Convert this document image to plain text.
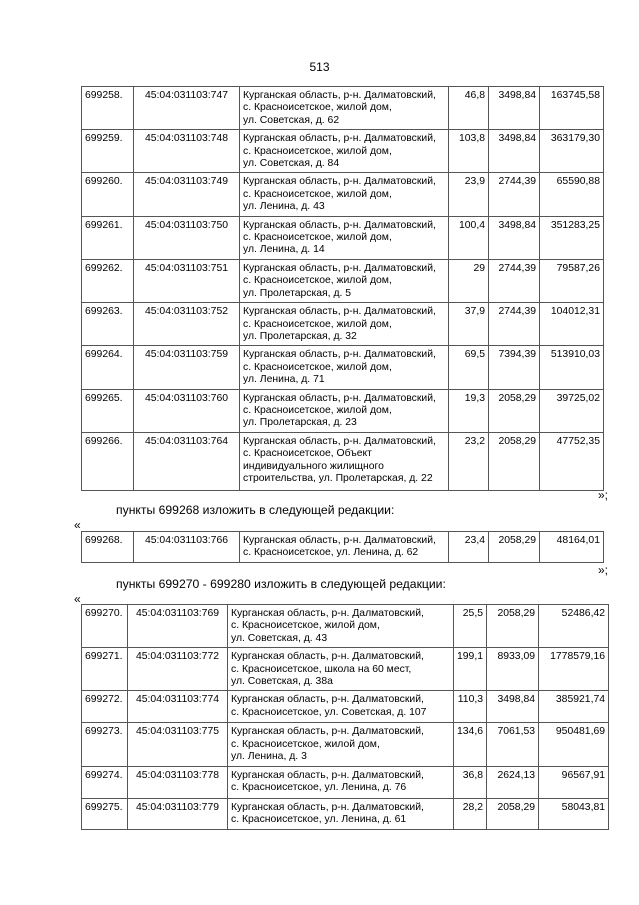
513
699258.	45:04:031103:747	Курганская область, р-н. Далматовский,
с. Красноисетское, жилой дом,
ул. Советская, д. 62	46,8	3498,84	163745,58
699259.	45:04:031103:748	Курганская область, р-н. Далматовский,
с. Красноисетское, жилой дом,
ул. Советская, д. 84	103,8	3498,84	363179,30
699260.	45:04:031103:749	Курганская область, р-н. Далматовский,
с. Красноисетское, жилой дом,
ул. Ленина, д. 43	23,9	2744,39	65590,88
699261.	45:04:031103:750	Курганская область, р-н. Далматовский,
с. Красноисетское, жилой дом,
ул. Ленина, д. 14	100,4	3498,84	351283,25
699262.	45:04:031103:751	Курганская область, р-н. Далматовский,
с. Красноисетское, жилой дом,
ул. Пролетарская, д. 5	29	2744,39	79587,26
699263.	45:04:031103:752	Курганская область, р-н. Далматовский,
с. Красноисетское, жилой дом,
ул. Пролетарская, д. 32	37,9	2744,39	104012,31
699264.	45:04:031103:759	Курганская область, р-н. Далматовский,
с. Красноисетское, жилой дом,
ул. Ленина, д. 71	69,5	7394,39	513910,03
699265.	45:04:031103:760	Курганская область, р-н. Далматовский,
с. Красноисетское, жилой дом,
ул. Пролетарская, д. 23	19,3	2058,29	39725,02
699266.	45:04:031103:764	Курганская область, р-н. Далматовский,
с. Красноисетское, Объект
индивидуального жилищного
строительства, ул. Пролетарская, д. 22	23,2	2058,29	47752,35
»;
пункты 699268 изложить в следующей редакции:
«
699268.	45:04:031103:766	Курганская область, р-н. Далматовский,
с. Красноисетское, ул. Ленина, д. 62
	23,4	2058,29	48164,01
»;
пункты 699270 - 699280 изложить в следующей редакции:
«
699270.	45:04:031103:769	Курганская область, р-н. Далматовский,
с. Красноисетское, жилой дом,
ул. Советская, д. 43	25,5	2058,29	52486,42
699271.	45:04:031103:772	Курганская область, р-н. Далматовский,
с. Красноисетское, школа на 60 мест,
ул. Советская, д. 38а	199,1	8933,09	1778579,16
699272.	45:04:031103:774	Курганская область, р-н. Далматовский,
с. Красноисетское, ул. Советская, д. 107	110,3	3498,84	385921,74
699273.	45:04:031103:775	Курганская область, р-н. Далматовский,
с. Красноисетское, жилой дом,
ул. Ленина, д. 3	134,6	7061,53	950481,69
699274.	45:04:031103:778	Курганская область, р-н. Далматовский,
с. Красноисетское, ул. Ленина, д. 76	36,8	2624,13	96567,91
699275.	45:04:031103:779	Курганская область, р-н. Далматовский,
с. Красноисетское, ул. Ленина, д. 61	28,2	2058,29	58043,81
